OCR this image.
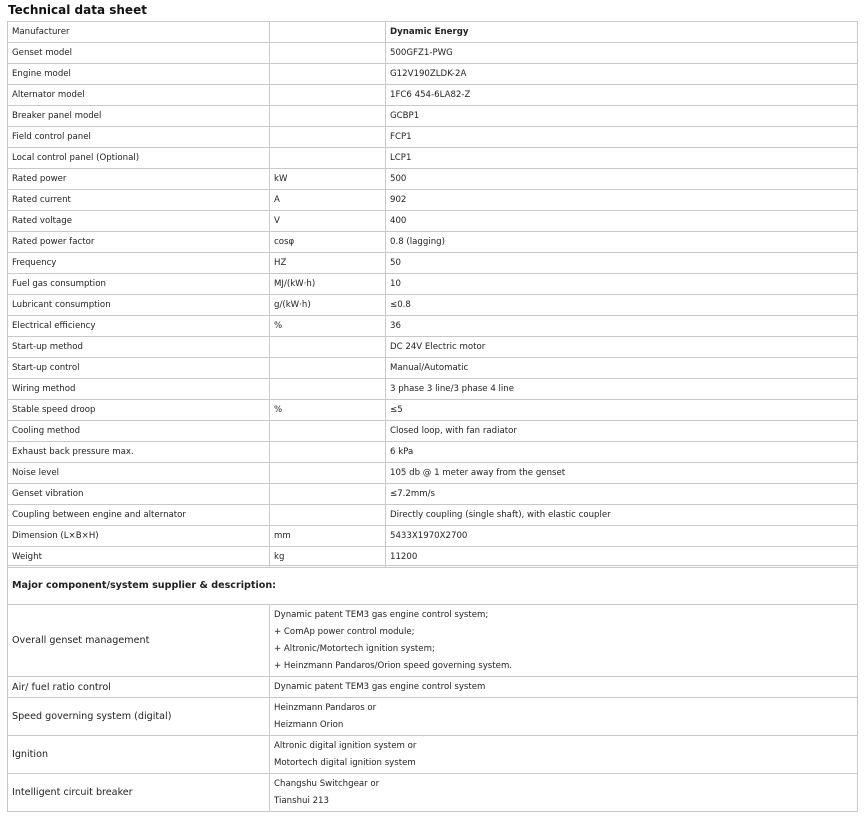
Technical data sheet
Manufacturer		Dynamic Energy
Genset model		500GFZ1-PWG
Engine model		G12V190ZLDK-2A
Alternator model		1FC6 454-6LA82-Z
Breaker panel model		GCBP1
Field control panel		FCP1
Local control panel (Optional)		LCP1
Rated power	kW	500
Rated current	A	902
Rated voltage	V	400
Rated power factor	cosφ	0.8 (lagging)
Frequency	HZ	50
Fuel gas consumption	MJ/(kW·h)	10
Lubricant consumption	g/(kW·h)	≤0.8
Electrical efficiency	%	36
Start-up method		DC 24V Electric motor
Start-up control		Manual/Automatic
Wiring method		3 phase 3 line/3 phase 4 line
Stable speed droop	%	≤5
Cooling method		Closed loop, with fan radiator
Exhaust back pressure max.		6 kPa
Noise level		105 db @ 1 meter away from the genset
Genset vibration		≤7.2mm/s
Coupling between engine and alternator		Directly coupling (single shaft), with elastic coupler
Dimension (L×B×H)	mm	5433X1970X2700
Weight	kg	11200
Major component/system supplier & description:	
Overall genset management	Dynamic patent TEM3 gas engine control system;
+ ComAp power control module;
+ Altronic/Motortech ignition system;
+ Heinzmann Pandaros/Orion speed governing system.

Air/ fuel ratio control	Dynamic patent TEM3 gas engine control system

Speed governing system (digital)	Heinzmann Pandaros or
Heizmann Orion

Ignition	Altronic digital ignition system or
Motortech digital ignition system

Intelligent circuit breaker	Changshu Switchgear or
Tianshui 213
